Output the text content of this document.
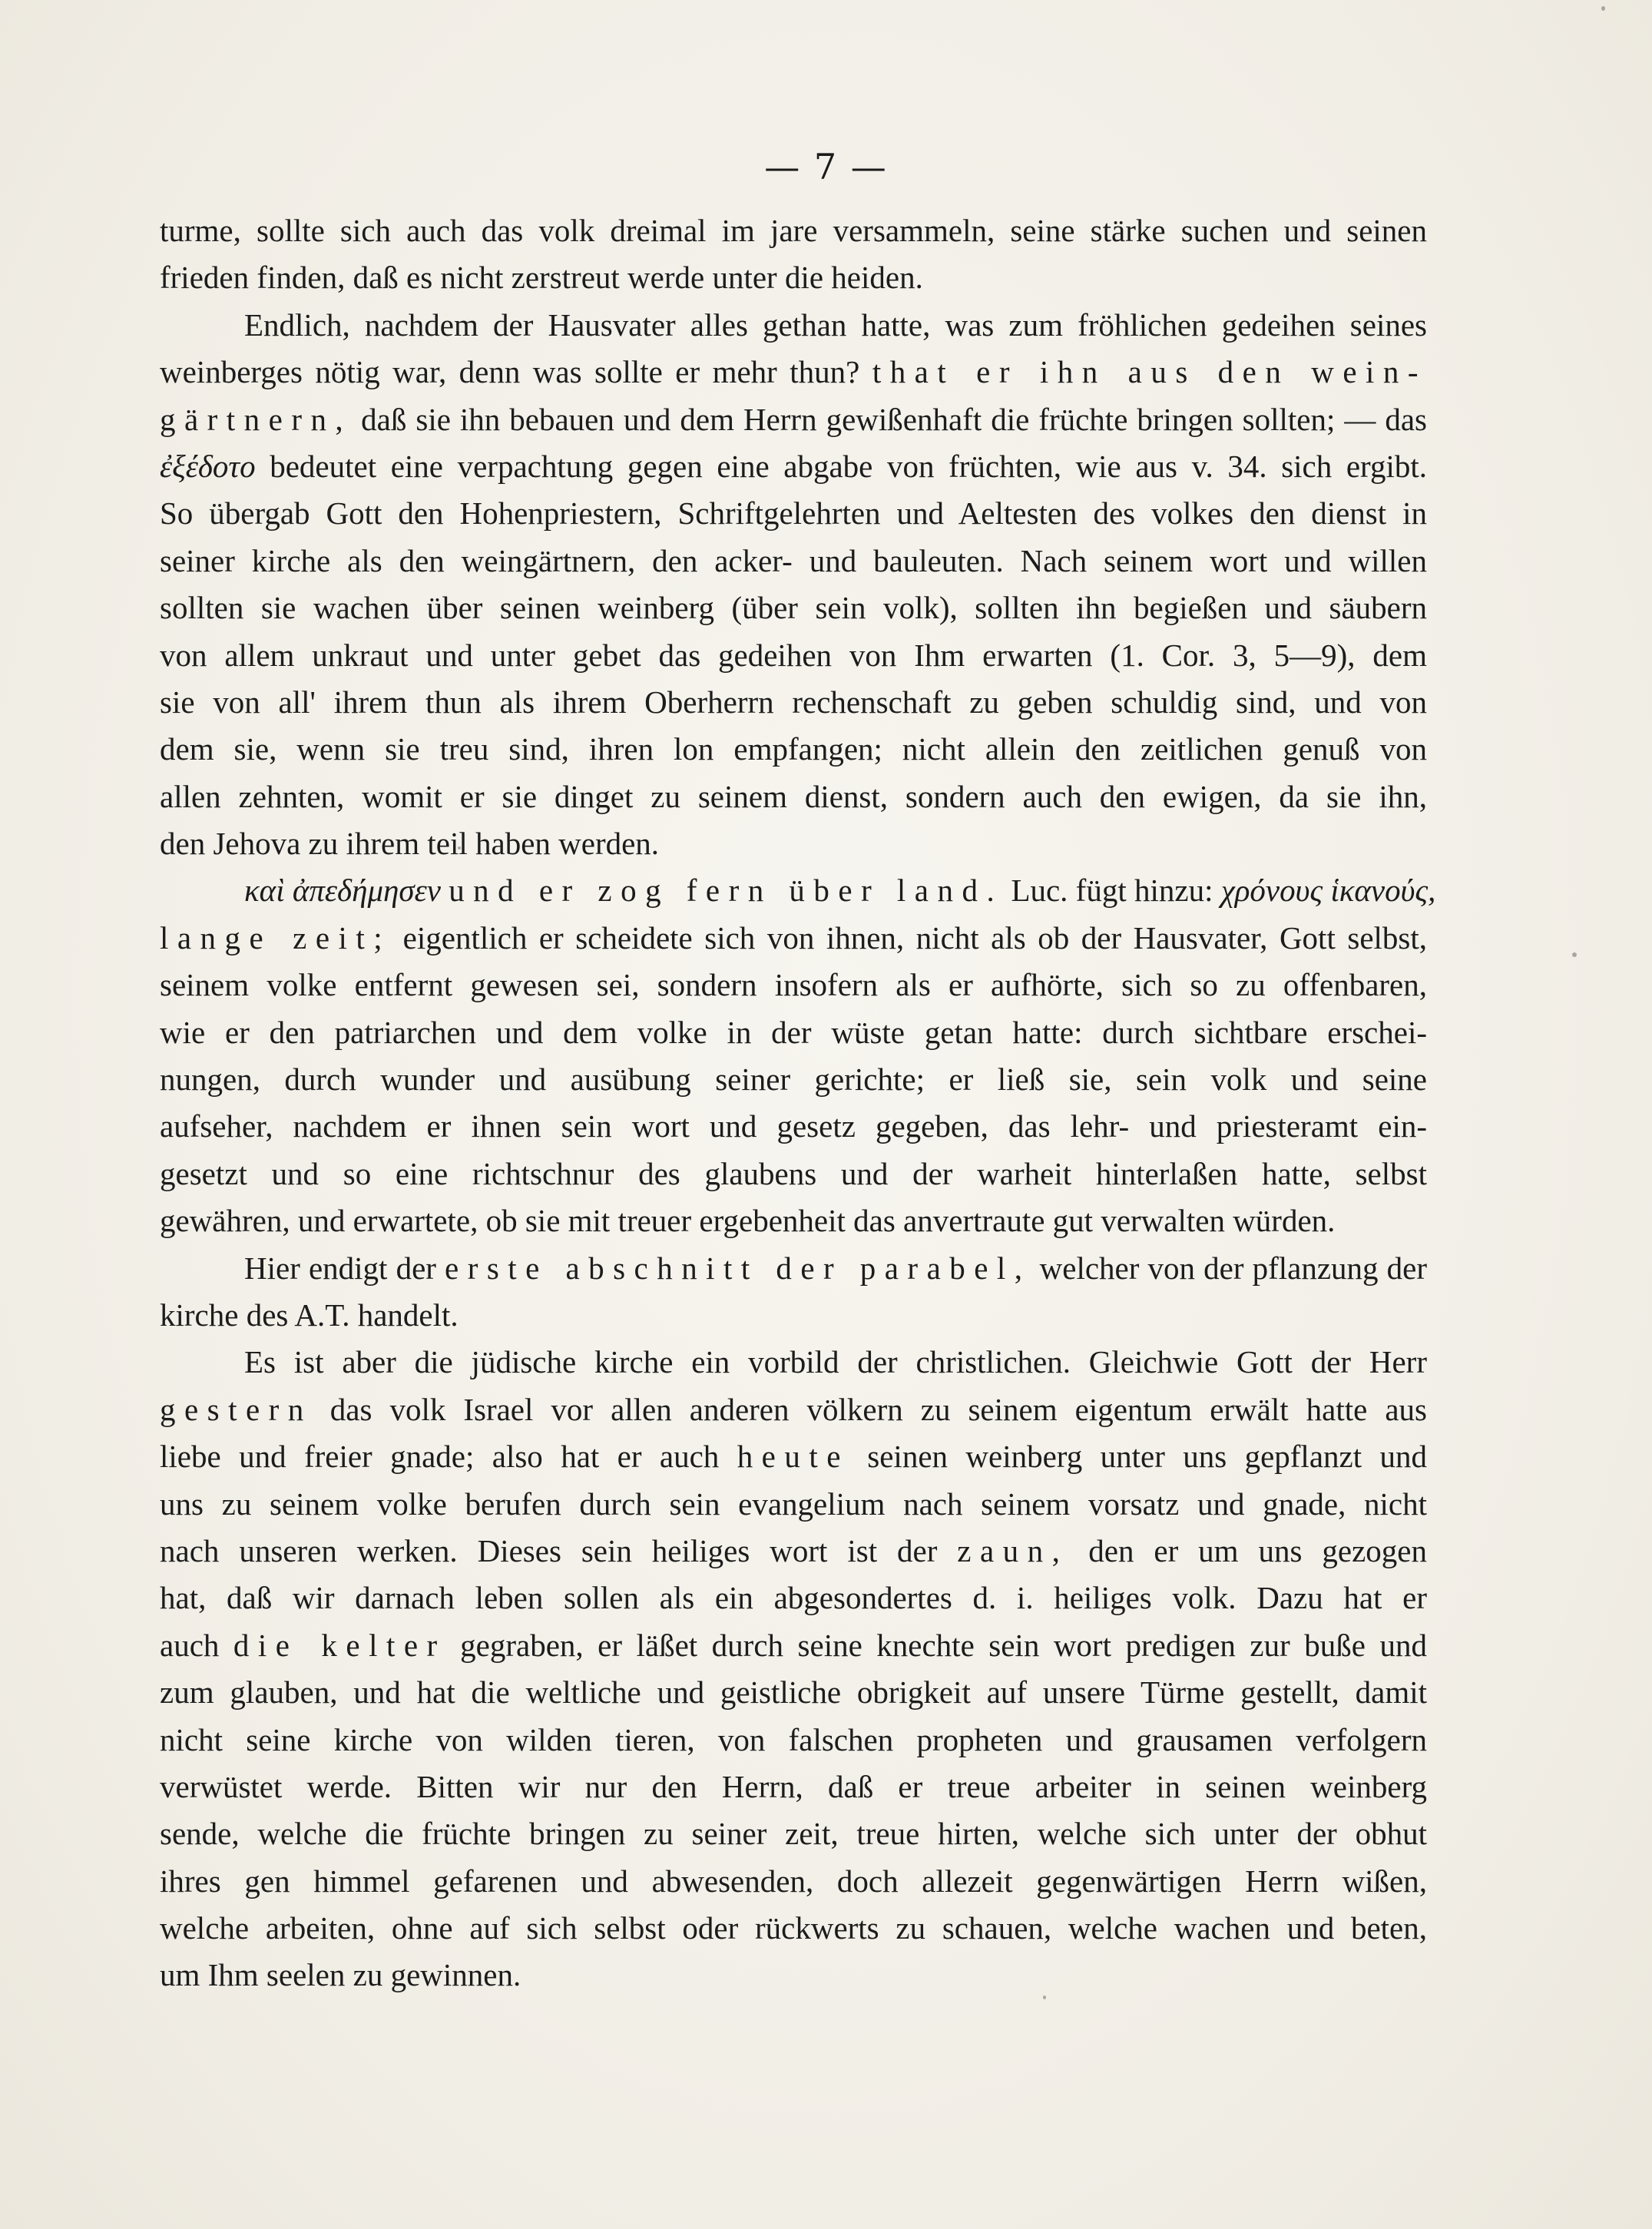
— 7 —
turme, sollte sich auch das volk dreimal im jare versammeln, seine stärke suchen und seinen
frieden finden, daß es nicht zerstreut werde unter die heiden.
Endlich, nachdem der Hausvater alles gethan hatte, was zum fröhlichen gedeihen seines
weinberges nötig war, denn was sollte er mehr thun? that er ihn aus den wein-
gärtnern, daß sie ihn bebauen und dem Herrn gewißenhaft die früchte bringen sollten; — das
ἐξέδοτο bedeutet eine verpachtung gegen eine abgabe von früchten, wie aus v. 34. sich ergibt.
So übergab Gott den Hohenpriestern, Schriftgelehrten und Aeltesten des volkes den dienst in
seiner kirche als den weingärtnern, den acker- und bauleuten. Nach seinem wort und willen
sollten sie wachen über seinen weinberg (über sein volk), sollten ihn begießen und säubern
von allem unkraut und unter gebet das gedeihen von Ihm erwarten (1. Cor. 3, 5—9), dem
sie von all' ihrem thun als ihrem Oberherrn rechenschaft zu geben schuldig sind, und von
dem sie, wenn sie treu sind, ihren lon empfangen; nicht allein den zeitlichen genuß von
allen zehnten, womit er sie dinget zu seinem dienst, sondern auch den ewigen, da sie ihn,
den Jehova zu ihrem teil haben werden.
καὶ ἀπεδήμησεν und er zog fern über land. Luc. fügt hinzu: χρόνους ἱκανούς,
lange zeit; eigentlich er scheidete sich von ihnen, nicht als ob der Hausvater, Gott selbst,
seinem volke entfernt gewesen sei, sondern insofern als er aufhörte, sich so zu offenbaren,
wie er den patriarchen und dem volke in der wüste getan hatte: durch sichtbare erschei-
nungen, durch wunder und ausübung seiner gerichte; er ließ sie, sein volk und seine
aufseher, nachdem er ihnen sein wort und gesetz gegeben, das lehr- und priesteramt ein-
gesetzt und so eine richtschnur des glaubens und der warheit hinterlaßen hatte, selbst
gewähren, und erwartete, ob sie mit treuer ergebenheit das anvertraute gut verwalten würden.
Hier endigt der erste abschnitt der parabel, welcher von der pflanzung der
kirche des A.T. handelt.
Es ist aber die jüdische kirche ein vorbild der christlichen. Gleichwie Gott der Herr
gestern das volk Israel vor allen anderen völkern zu seinem eigentum erwält hatte aus
liebe und freier gnade; also hat er auch heute seinen weinberg unter uns gepflanzt und
uns zu seinem volke berufen durch sein evangelium nach seinem vorsatz und gnade, nicht
nach unseren werken. Dieses sein heiliges wort ist der zaun, den er um uns gezogen
hat, daß wir darnach leben sollen als ein abgesondertes d. i. heiliges volk. Dazu hat er
auch die kelter gegraben, er läßet durch seine knechte sein wort predigen zur buße und
zum glauben, und hat die weltliche und geistliche obrigkeit auf unsere Türme gestellt, damit
nicht seine kirche von wilden tieren, von falschen propheten und grausamen verfolgern
verwüstet werde. Bitten wir nur den Herrn, daß er treue arbeiter in seinen weinberg
sende, welche die früchte bringen zu seiner zeit, treue hirten, welche sich unter der obhut
ihres gen himmel gefarenen und abwesenden, doch allezeit gegenwärtigen Herrn wißen,
welche arbeiten, ohne auf sich selbst oder rückwerts zu schauen, welche wachen und beten,
um Ihm seelen zu gewinnen.
